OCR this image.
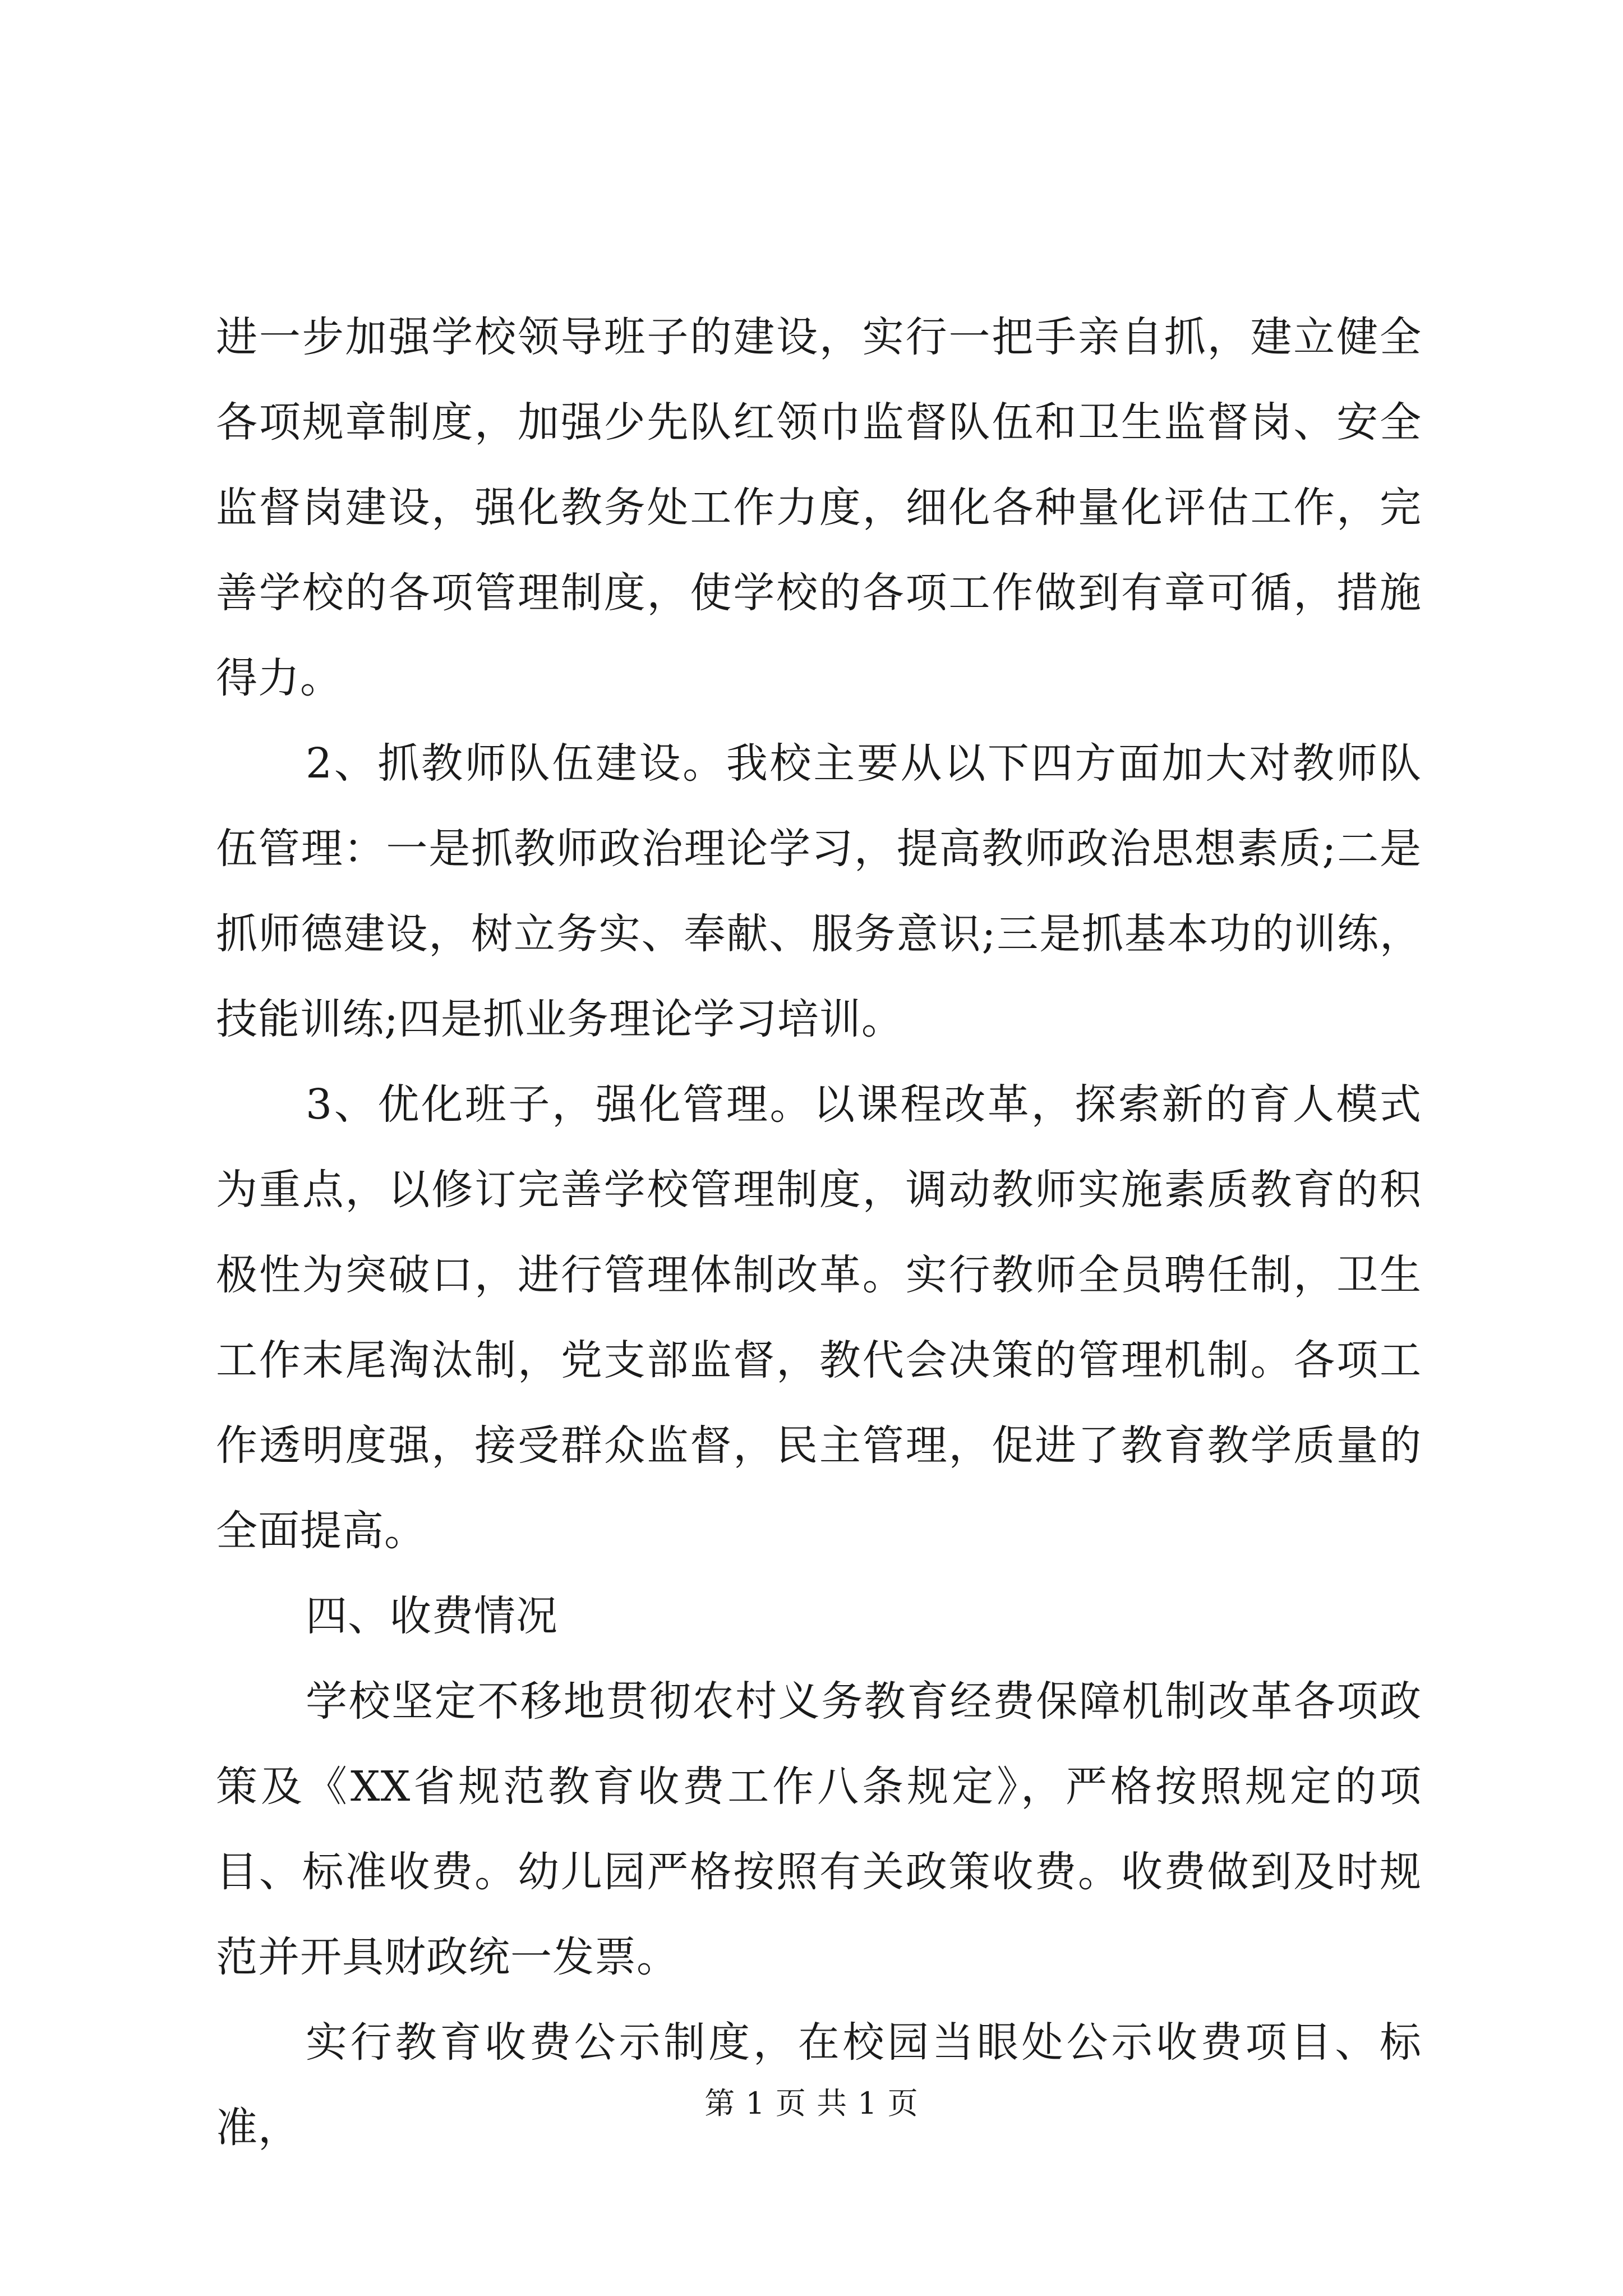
进一步加强学校领导班子的建设，实行一把手亲自抓，建立健全各项规章制度，加强少先队红领巾监督队伍和卫生监督岗、安全监督岗建设，强化教务处工作力度，细化各种量化评估工作，完善学校的各项管理制度，使学校的各项工作做到有章可循，措施得力。

2、抓教师队伍建设。我校主要从以下四方面加大对教师队伍管理：一是抓教师政治理论学习，提高教师政治思想素质;二是抓师德建设，树立务实、奉献、服务意识;三是抓基本功的训练，技能训练;四是抓业务理论学习培训。

3、优化班子，强化管理。以课程改革，探索新的育人模式为重点，以修订完善学校管理制度，调动教师实施素质教育的积极性为突破口，进行管理体制改革。实行教师全员聘任制，卫生工作末尾淘汰制，党支部监督，教代会决策的管理机制。各项工作透明度强，接受群众监督，民主管理，促进了教育教学质量的全面提高。

四、收费情况

学校坚定不移地贯彻农村义务教育经费保障机制改革各项政策及《XX省规范教育收费工作八条规定》，严格按照规定的项目、标准收费。幼儿园严格按照有关政策收费。收费做到及时规范并开具财政统一发票。

实行教育收费公示制度，在校园当眼处公示收费项目、标准，

第 1 页 共 1 页
